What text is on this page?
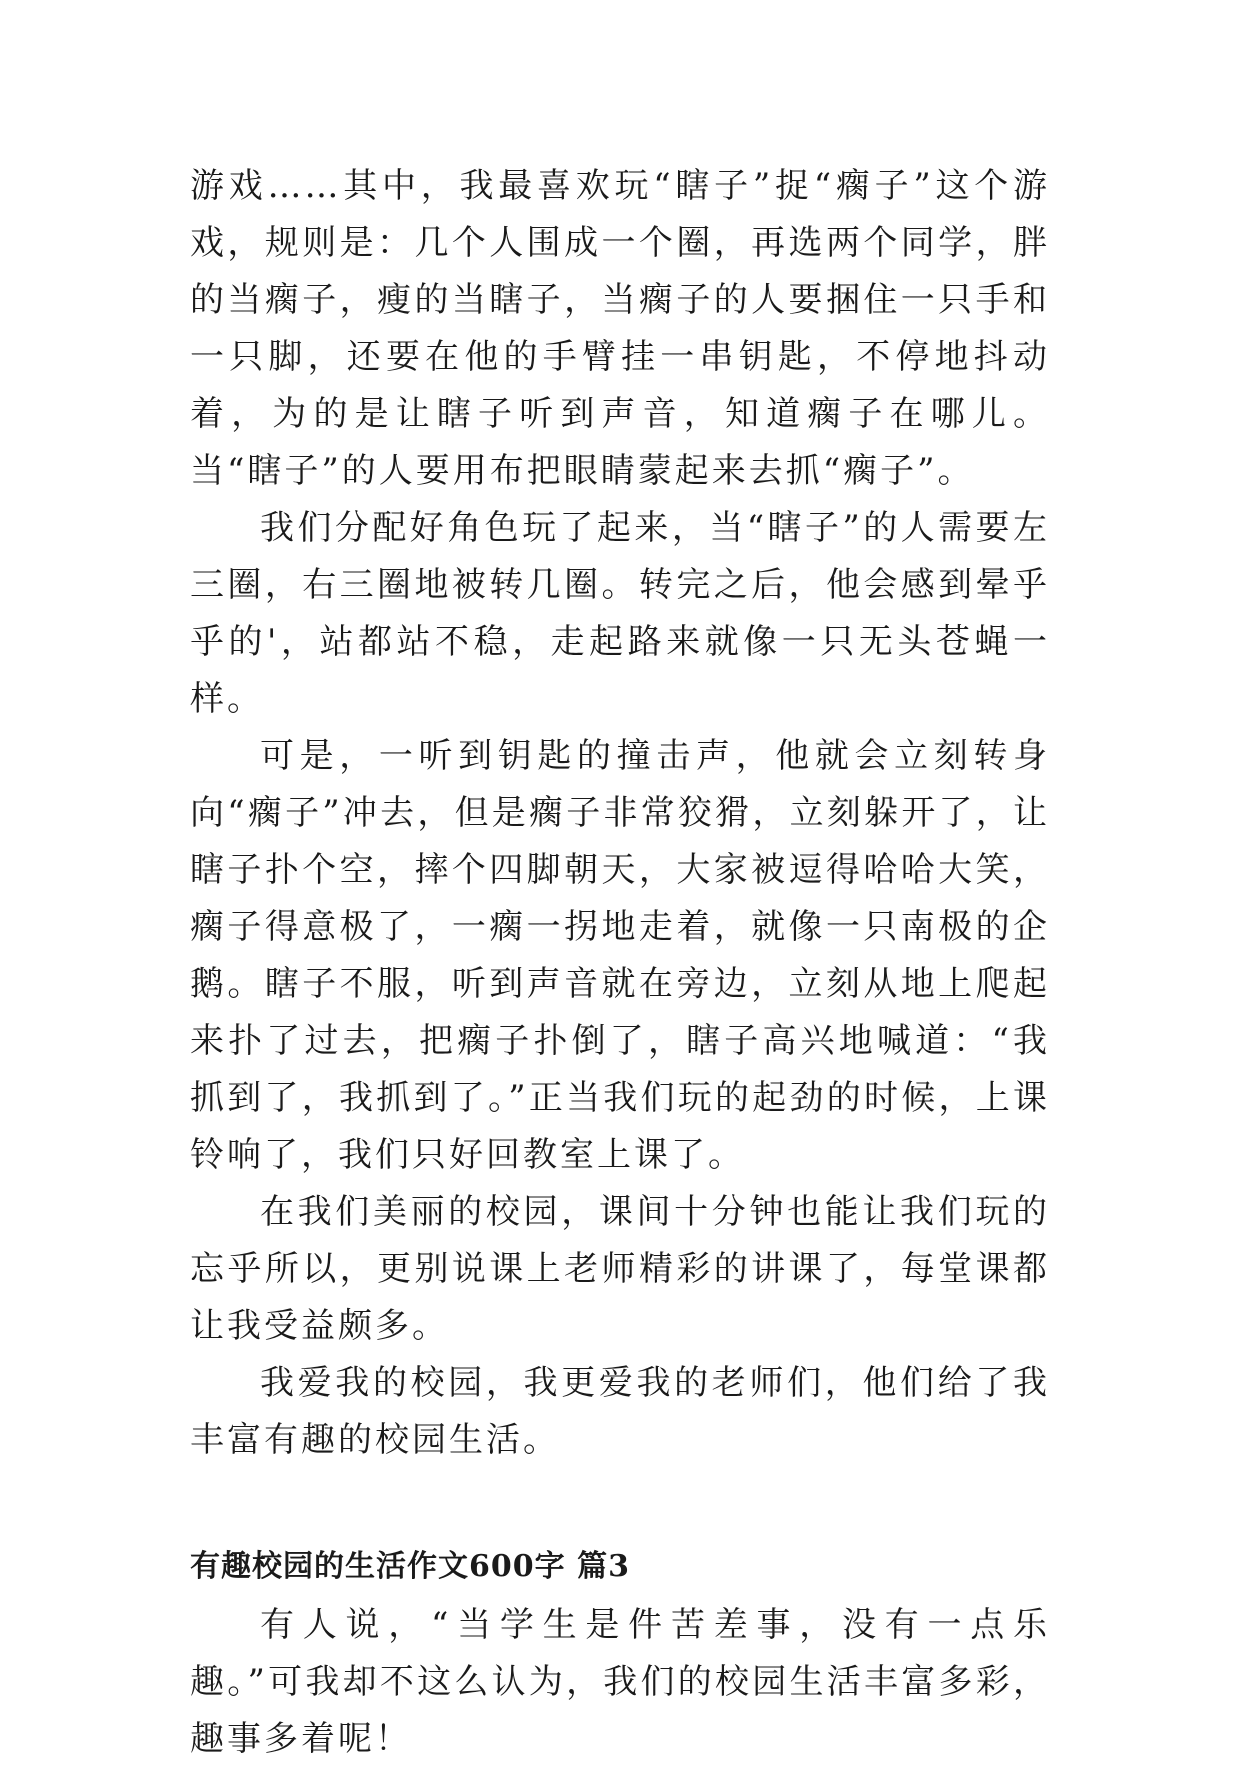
游戏……其中，我最喜欢玩“瞎子”捉“瘸子”这个游戏，规则是：几个人围成一个圈，再选两个同学，胖的当瘸子，瘦的当瞎子，当瘸子的人要捆住一只手和一只脚，还要在他的手臂挂一串钥匙，不停地抖动着，为的是让瞎子听到声音，知道瘸子在哪儿。当“瞎子”的人要用布把眼睛蒙起来去抓“瘸子”。

我们分配好角色玩了起来，当“瞎子”的人需要左三圈，右三圈地被转几圈。转完之后，他会感到晕乎乎的'，站都站不稳，走起路来就像一只无头苍蝇一样。

可是，一听到钥匙的撞击声，他就会立刻转身向“瘸子”冲去，但是瘸子非常狡猾，立刻躲开了，让瞎子扑个空，摔个四脚朝天，大家被逗得哈哈大笑，瘸子得意极了，一瘸一拐地走着，就像一只南极的企鹅。瞎子不服，听到声音就在旁边，立刻从地上爬起来扑了过去，把瘸子扑倒了，瞎子高兴地喊道：“我抓到了，我抓到了。”正当我们玩的起劲的时候，上课铃响了，我们只好回教室上课了。

在我们美丽的校园，课间十分钟也能让我们玩的忘乎所以，更别说课上老师精彩的讲课了，每堂课都让我受益颇多。

我爱我的校园，我更爱我的老师们，他们给了我丰富有趣的校园生活。

有趣校园的生活作文600字 篇3

有人说，“当学生是件苦差事，没有一点乐趣。”可我却不这么认为，我们的校园生活丰富多彩，趣事多着呢！
